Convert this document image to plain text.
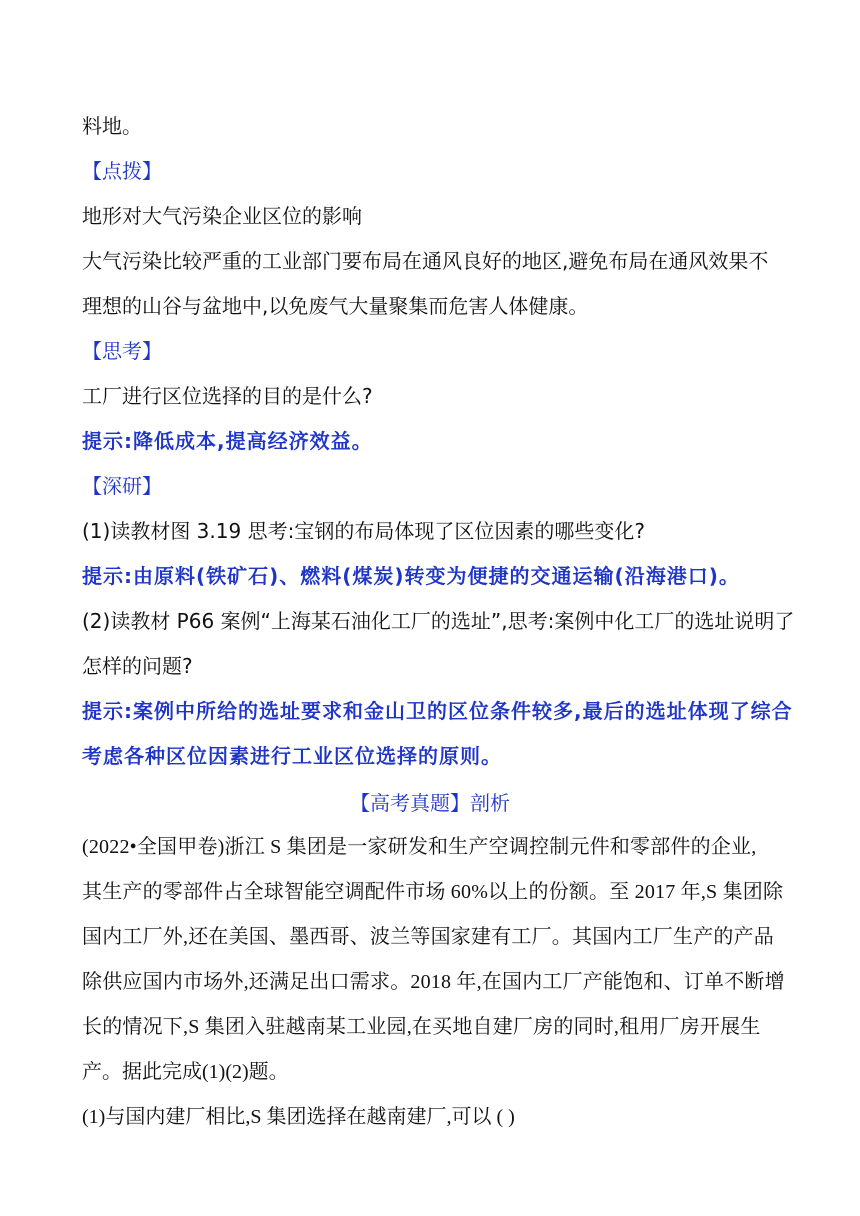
料地。
【点拨】
地形对大气污染企业区位的影响
大气污染比较严重的工业部门要布局在通风良好的地区,避免布局在通风效果不
理想的山谷与盆地中,以免废气大量聚集而危害人体健康。
【思考】
工厂进行区位选择的目的是什么?
提示:降低成本,提高经济效益。
【深研】
(1)读教材图 3.19 思考:宝钢的布局体现了区位因素的哪些变化?
提示:由原料(铁矿石)、燃料(煤炭)转变为便捷的交通运输(沿海港口)。
(2)读教材 P66 案例“上海某石油化工厂的选址”,思考:案例中化工厂的选址说明了
怎样的问题?
提示:案例中所给的选址要求和金山卫的区位条件较多,最后的选址体现了综合
考虑各种区位因素进行工业区位选择的原则。
【高考真题】剖析
(2022•全国甲卷)浙江 S 集团是一家研发和生产空调控制元件和零部件的企业,
其生产的零部件占全球智能空调配件市场 60%以上的份额。至 2017 年,S 集团除
国内工厂外,还在美国、墨西哥、波兰等国家建有工厂。其国内工厂生产的产品
除供应国内市场外,还满足出口需求。2018 年,在国内工厂产能饱和、订单不断增
长的情况下,S 集团入驻越南某工业园,在买地自建厂房的同时,租用厂房开展生
产。据此完成(1)(2)题。
(1)与国内建厂相比,S 集团选择在越南建厂,可以 ( )
